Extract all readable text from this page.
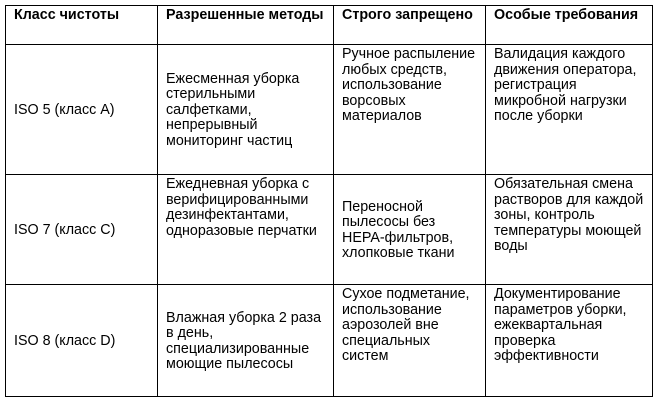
Класс чистоты	Разрешенные методы	Строго запрещено	Особые требования
ISO 5 (класс A)	Ежесменная уборка стерильными салфетками, непрерывный мониторинг частиц	Ручное распыление любых средств, использование ворсовых материалов	Валидация каждого движения оператора, регистрация микробной нагрузки после уборки
ISO 7 (класс C)	Ежедневная уборка с верифицированными дезинфектантами, одноразовые перчатки	Переносной пылесосы без HEPA-фильтров, хлопковые ткани	Обязательная смена растворов для каждой зоны, контроль температуры моющей воды
ISO 8 (класс D)	Влажная уборка 2 раза в день, специализированные моющие пылесосы	Сухое подметание, использование аэрозолей вне специальных систем	Документирование параметров уборки, ежеквартальная проверка эффективности
